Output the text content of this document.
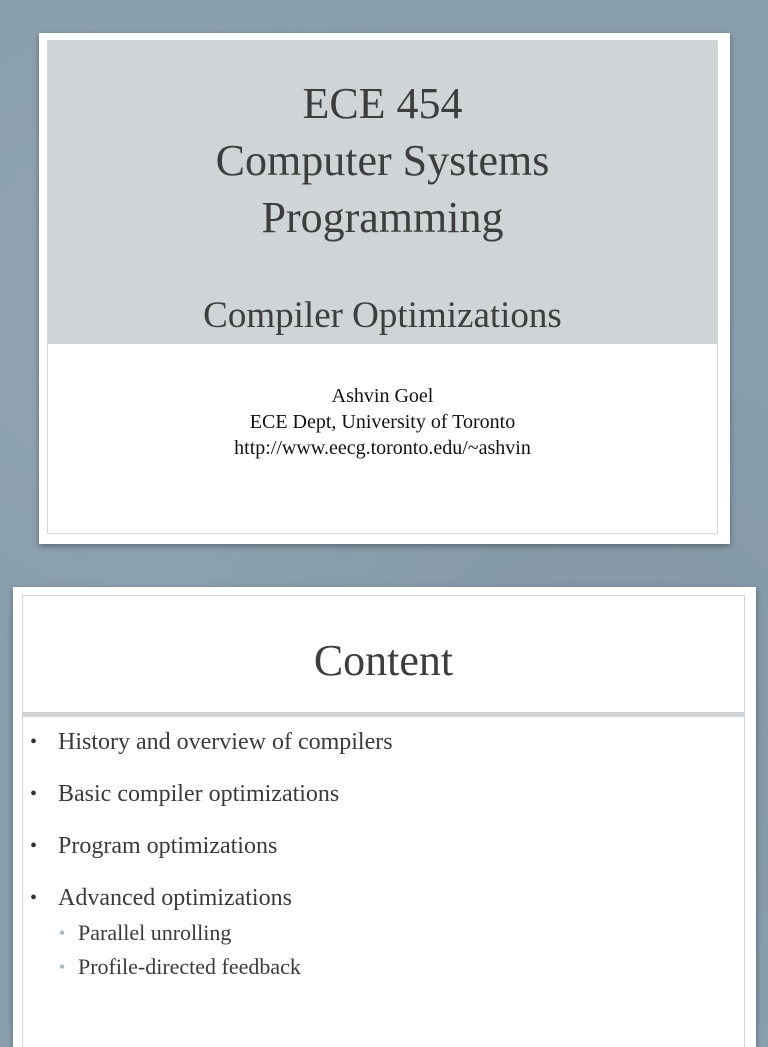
ECE 454
Computer Systems
Programming
Compiler Optimizations
Ashvin Goel
ECE Dept, University of Toronto
http://www.eecg.toronto.edu/~ashvin
Content
• History and overview of compilers
• Basic compiler optimizations
• Program optimizations
• Advanced optimizations
• Parallel unrolling
• Profile-directed feedback
